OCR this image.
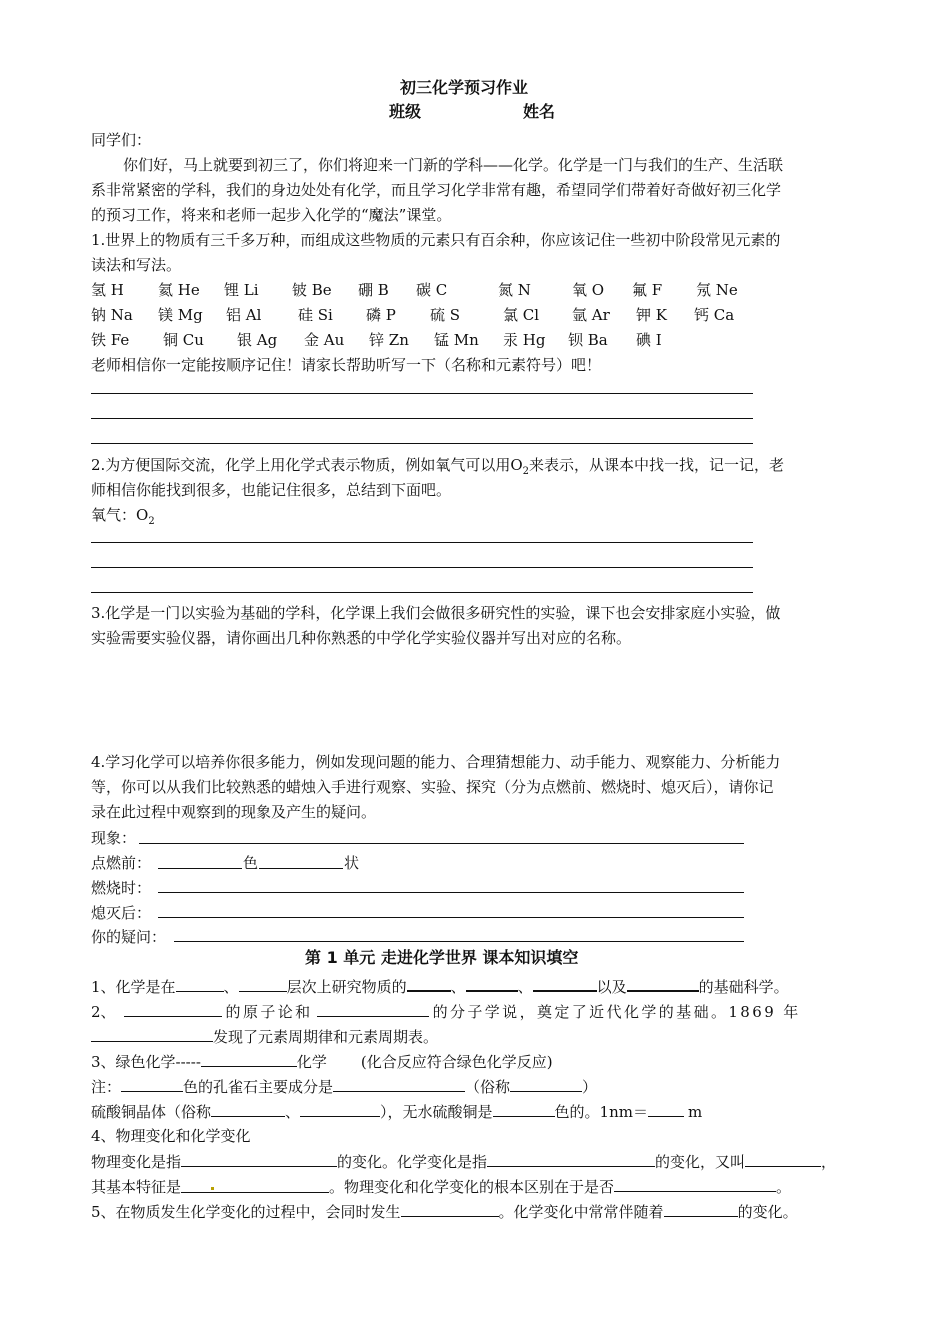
初三化学预习作业
班级	姓名
同学们：
你们好，马上就要到初三了，你们将迎来一门新的学科——化学。化学是一门与我们的生产、生活联
系非常紧密的学科，我们的身边处处有化学，而且学习化学非常有趣，希望同学们带着好奇做好初三化学
的预习工作，将来和老师一起步入化学的“魔法”课堂。
1.世界上的物质有三千多万种，而组成这些物质的元素只有百余种，你应该记住一些初中阶段常见元素的
读法和写法。
氢 H 氦 He 锂 Li 铍 Be 硼 B 碳 C	氮 N	氧 O 氟 F 氖 Ne
钠 Na 镁 Mg 铝 Al 硅 Si 磷 P 硫 S	氯 Cl 氩 Ar 钾 K 钙 Ca
铁 Fe 铜 Cu 银 Ag 金 Au 锌 Zn 锰 Mn 汞 Hg 钡 Ba 碘 I
老师相信你一定能按顺序记住！请家长帮助听写一下（名称和元素符号）吧！
2.为方便国际交流，化学上用化学式表示物质，例如氧气可以用$O_2$来表示，从课本中找一找，记一记，老
师相信你能找到很多，也能记住很多，总结到下面吧。
氧气：$O_2$
3.化学是一门以实验为基础的学科，化学课上我们会做很多研究性的实验，课下也会安排家庭小实验，做
实验需要实验仪器，请你画出几种你熟悉的中学化学实验仪器并写出对应的名称。
4.学习化学可以培养你很多能力，例如发现问题的能力、合理猜想能力、动手能力、观察能力、分析能力
等，你可以从我们比较熟悉的蜡烛入手进行观察、实验、探究（分为点燃前、燃烧时、熄灭后），请你记
录在此过程中观察到的现象及产生的疑问。
现象：
点燃前：	色	状
燃烧时：
熄灭后：
你的疑问：
第 1 单元 走进化学世界 课本知识填空
1、化学是在	、	层次上研究物质的	、	、	以及	的基础科学。
2、	的原子论和	的分子学说，奠定了近代化学的基础。1869 年
发现了元素周期律和元素周期表。
3、绿色化学-----	化学 (化合反应符合绿色化学反应)
注：	色的孔雀石主要成分是	（俗称	）
硫酸铜晶体（俗称	、	），无水硫酸铜是	色的。1nm＝	m
4、物理变化和化学变化
物理变化是指	的变化。化学变化是指	的变化，又叫	，
其基本特征是	。物理变化和化学变化的根本区别在于是否	。
5、在物质发生化学变化的过程中，会同时发生	。化学变化中常常伴随着	的变化。
